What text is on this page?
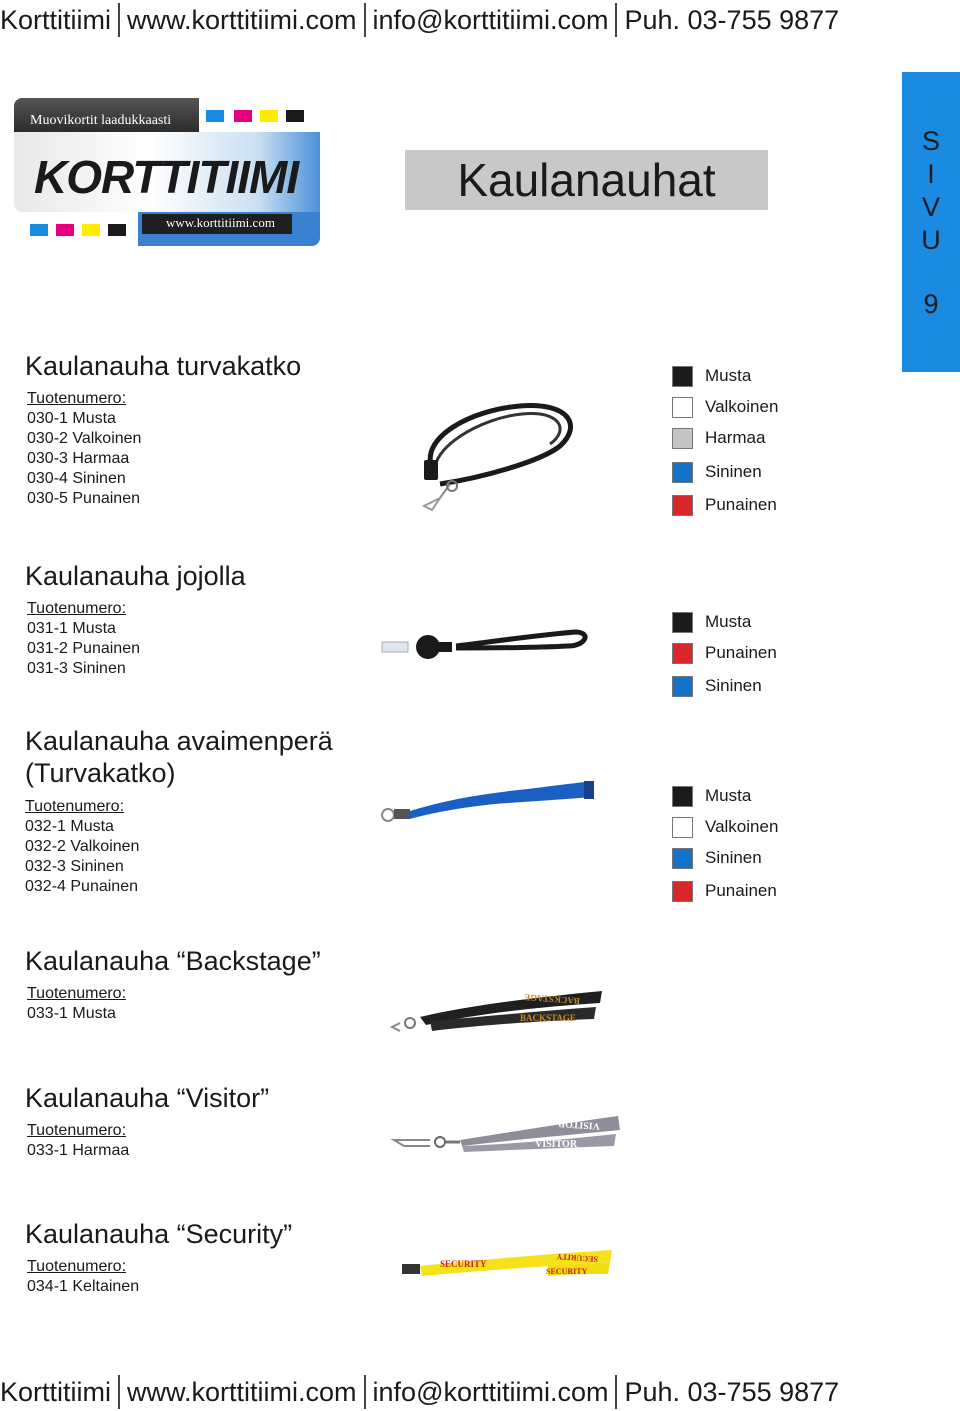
Korttitiimi www.korttitiimi.com info@korttitiimi.com Puh. 03-755 9877
Muovikortit laadukkaasti
KORTTITIIMI
www.korttitiimi.com
Kaulanauhat
S
I
V
U
9
Kaulanauha turvakatko
Tuotenumero:
030-1 Musta
030-2 Valkoinen
030-3 Harmaa
030-4 Sininen
030-5 Punainen
Musta
Valkoinen
Harmaa
Sininen
Punainen
Kaulanauha jojolla
Tuotenumero:
031-1 Musta
031-2 Punainen
031-3 Sininen
Musta
Punainen
Sininen
Kaulanauha avaimenperä
(Turvakatko)
Tuotenumero:
032-1 Musta
032-2 Valkoinen
032-3 Sininen
032-4 Punainen
Musta
Valkoinen
Sininen
Punainen
Kaulanauha “Backstage”
Tuotenumero:
033-1 Musta
BACKSTAGE
BACKSTAGE
Kaulanauha “Visitor”
Tuotenumero:
033-1 Harmaa
VISITOR
VISITOR
Kaulanauha “Security”
Tuotenumero:
034-1 Keltainen
SECURITY
SECURITY
SECURITY
Korttitiimi www.korttitiimi.com info@korttitiimi.com Puh. 03-755 9877
